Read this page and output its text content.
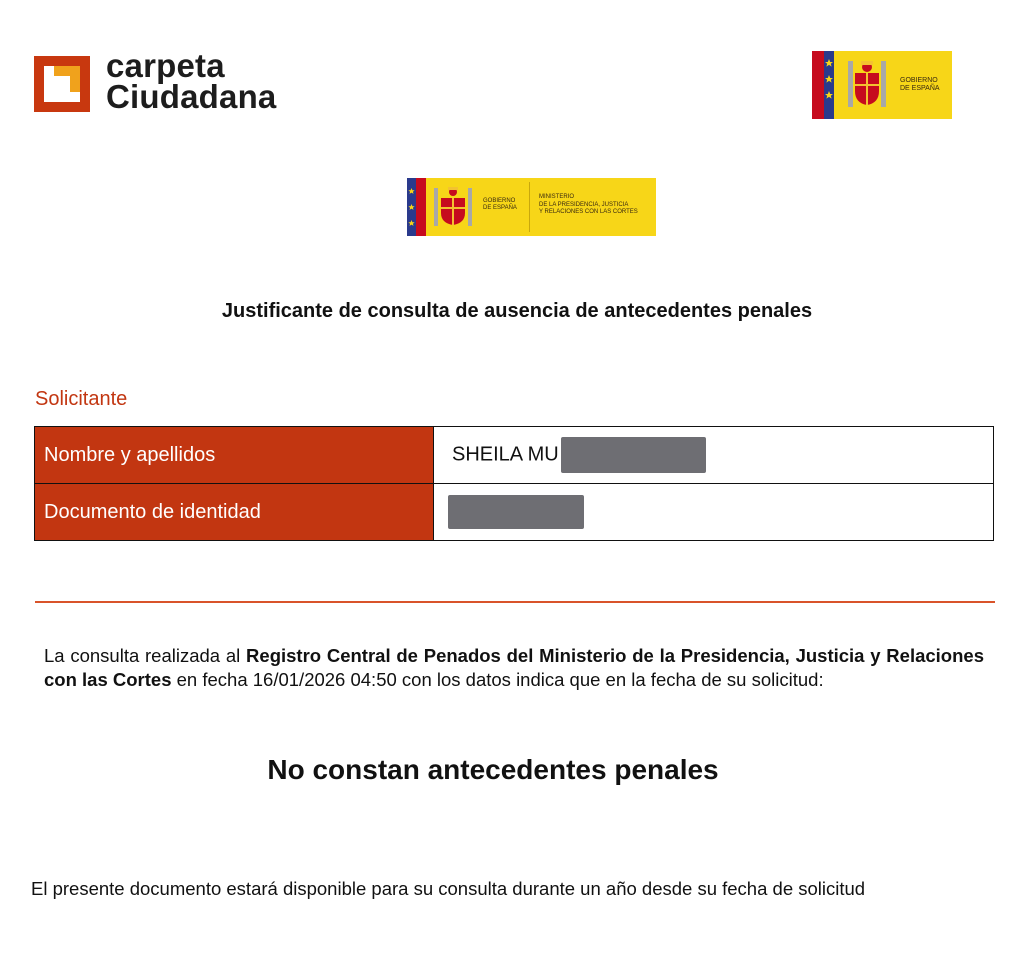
carpeta
Ciudadana	GOBIERNO
DE ESPAÑA
GOBIERNO
DE ESPAÑA
MINISTERIO
DE LA PRESIDENCIA, JUSTICIA
Y RELACIONES CON LAS CORTES
Justificante de consulta de ausencia de antecedentes penales
Solicitante
Nombre y apellidos	SHEILA MU
Documento de identidad	
La consulta realizada al Registro Central de Penados del Ministerio de la Presidencia, Justicia y Relaciones con las Cortes en fecha 16/01/2026 04:50 con los datos indica que en la fecha de su solicitud:
No constan antecedentes penales
El presente documento estará disponible para su consulta durante un año desde su fecha de solicitud
